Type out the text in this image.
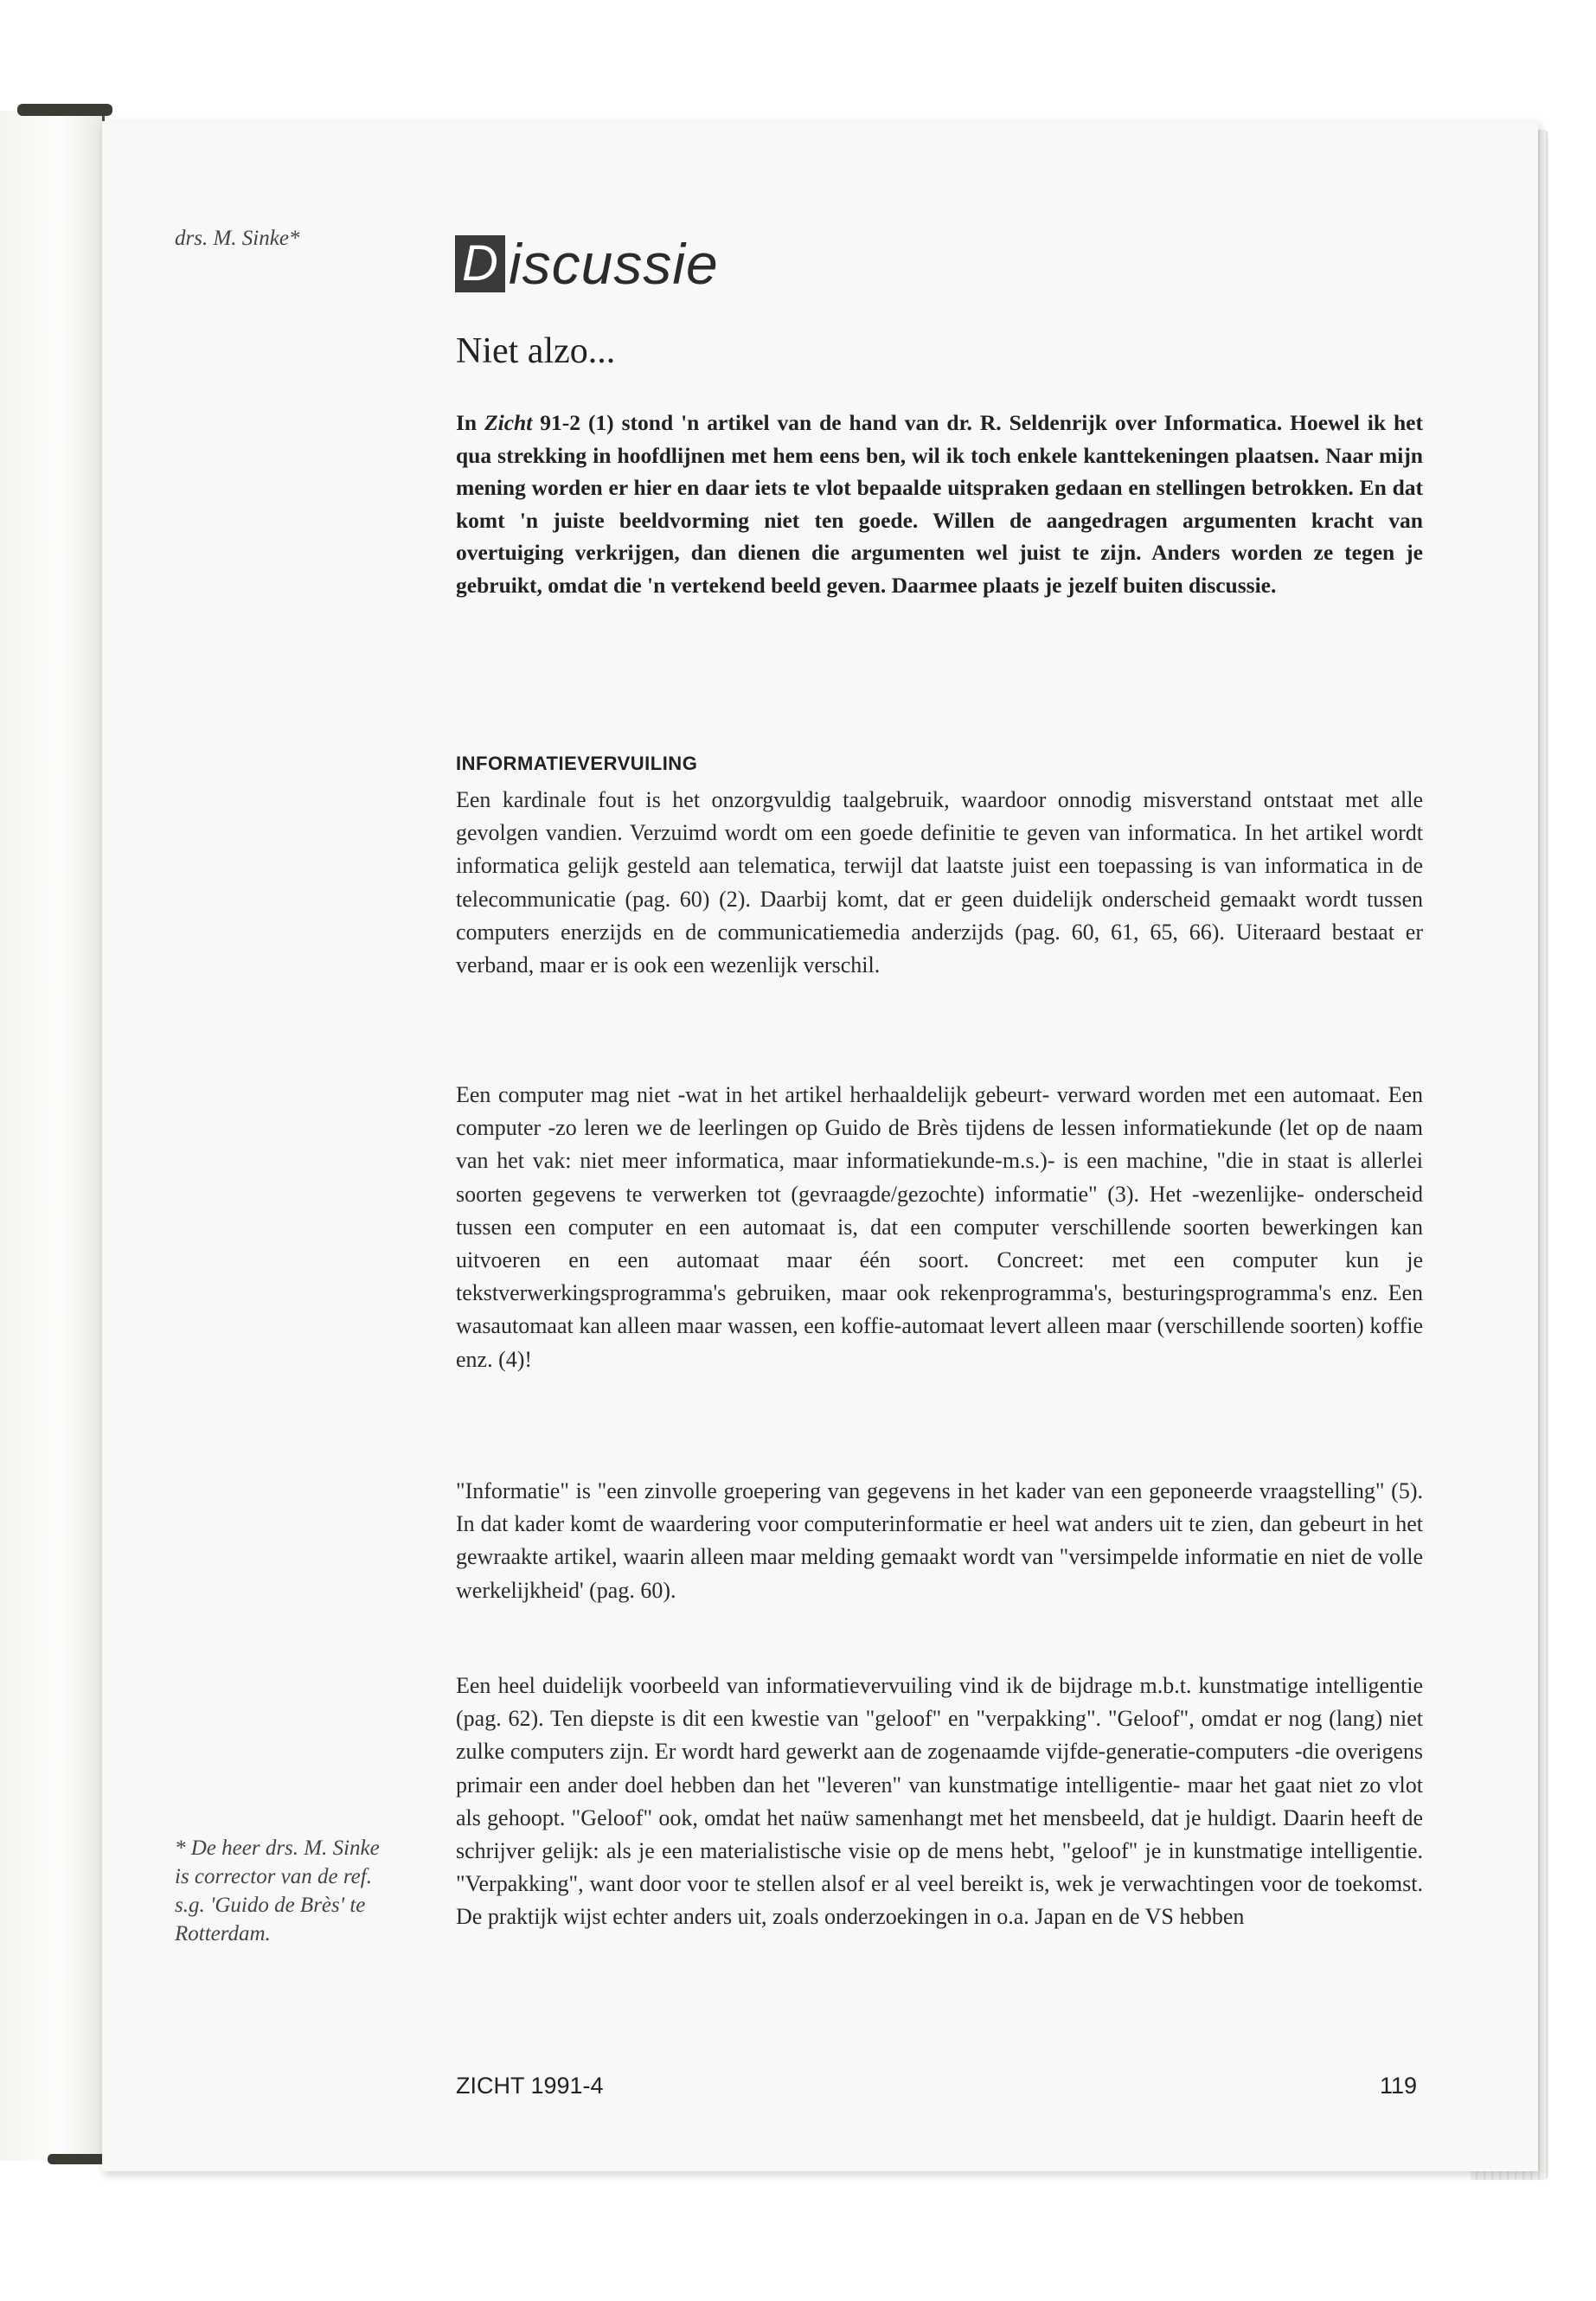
drs. M. Sinke*	D iscussie
Niet alzo...
In Zicht 91-2 (1) stond 'n artikel van de hand van dr. R. Seldenrijk over Informatica. Hoewel ik het qua strekking in hoofdlijnen met hem eens ben, wil ik toch enkele kanttekeningen plaatsen. Naar mijn mening worden er hier en daar iets te vlot bepaalde uitspraken gedaan en stellingen betrokken. En dat komt 'n juiste beeldvorming niet ten goede. Willen de aangedragen argumenten kracht van overtuiging verkrijgen, dan dienen die argumenten wel juist te zijn. Anders worden ze tegen je gebruikt, omdat die 'n vertekend beeld geven. Daarmee plaats je jezelf buiten discussie.
INFORMATIEVERVUILING
Een kardinale fout is het onzorgvuldig taalgebruik, waardoor onnodig misverstand ontstaat met alle gevolgen vandien. Verzuimd wordt om een goede definitie te geven van informatica. In het artikel wordt informatica gelijk gesteld aan telematica, terwijl dat laatste juist een toepassing is van informatica in de telecommunicatie (pag. 60) (2). Daarbij komt, dat er geen duidelijk onderscheid gemaakt wordt tussen computers enerzijds en de communicatiemedia anderzijds (pag. 60, 61, 65, 66). Uiteraard bestaat er verband, maar er is ook een wezenlijk verschil.
Een computer mag niet -wat in het artikel herhaaldelijk gebeurt- verward worden met een automaat. Een computer -zo leren we de leerlingen op Guido de Brès tijdens de lessen informatiekunde (let op de naam van het vak: niet meer informatica, maar informatiekunde-m.s.)- is een machine, "die in staat is allerlei soorten gegevens te verwerken tot (gevraagde/gezochte) informatie" (3). Het -wezenlijke- onderscheid tussen een computer en een automaat is, dat een computer verschillende soorten bewerkingen kan uitvoeren en een automaat maar één soort. Concreet: met een computer kun je tekstverwerkingsprogramma's gebruiken, maar ook rekenprogramma's, besturingsprogramma's enz. Een wasautomaat kan alleen maar wassen, een koffie-automaat levert alleen maar (verschillende soorten) koffie enz. (4)!
"Informatie" is "een zinvolle groepering van gegevens in het kader van een geponeerde vraagstelling" (5). In dat kader komt de waardering voor computerinformatie er heel wat anders uit te zien, dan gebeurt in het gewraakte artikel, waarin alleen maar melding gemaakt wordt van "versimpelde informatie en niet de volle werkelijkheid' (pag. 60).
Een heel duidelijk voorbeeld van informatievervuiling vind ik de bijdrage m.b.t. kunstmatige intelligentie (pag. 62). Ten diepste is dit een kwestie van "geloof" en "verpakking". "Geloof", omdat er nog (lang) niet zulke computers zijn. Er wordt hard gewerkt aan de zogenaamde vijfde-generatie-computers -die overigens primair een ander doel hebben dan het "leveren" van kunstmatige intelligentie- maar het gaat niet zo vlot als gehoopt. "Geloof" ook, omdat het naüw samenhangt met het mensbeeld, dat je huldigt. Daarin heeft de schrijver gelijk: als je een materialistische visie op de mens hebt, "geloof" je in kunstmatige intelligentie. "Verpakking", want door voor te stellen alsof er al veel bereikt is, wek je verwachtingen voor de toekomst. De praktijk wijst echter anders uit, zoals onderzoekingen in o.a. Japan en de VS hebben
* De heer drs. M. Sinke is corrector van de ref. s.g. 'Guido de Brès' te Rotterdam.
ZICHT 1991-4	119
